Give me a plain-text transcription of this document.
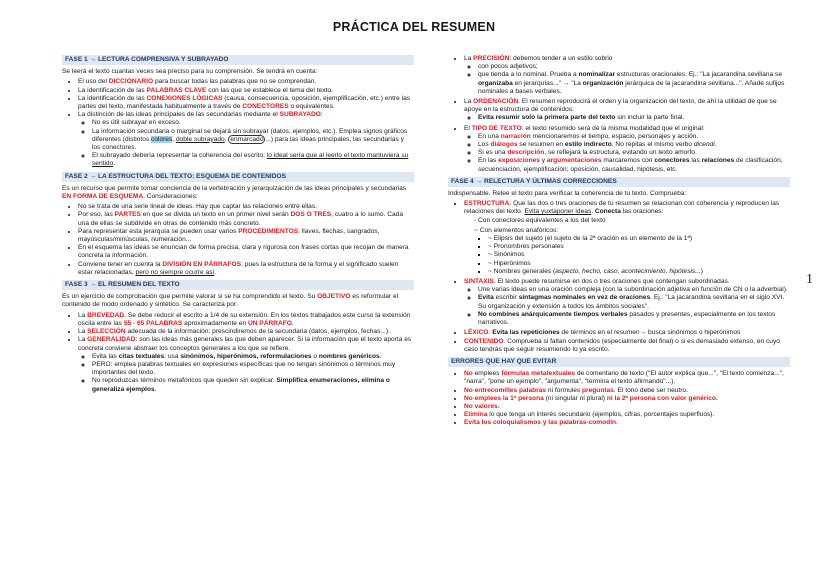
PRÁCTICA DEL RESUMEN
FASE 1 → LECTURA COMPRENSIVA Y SUBRAYADO

Se leerá el texto cuantas veces sea preciso para su comprensión. Se tendrá en cuenta:

• El uso del DICCIONARIO para buscar todas las palabras que no se comprendan.
• La identificación de las PALABRAS CLAVE con las que se establece el tema del texto.
• La identificación de las CONEXIONES LÓGICAS (causa, consecuencia, oposición, ejemplificación, etc.) entre las partes del texto, manifestada habitualmente a través de CONECTORES o equivalentes.
• La distinción de las ideas principales de las secundarias mediante el SUBRAYADO:
◦ No es útil subrayar en exceso.
◦ La información secundaria o marginal se dejará sin subrayar (datos, ejemplos, etc.). Emplea signos gráficos diferentes (distintos colores, doble subrayado, enmarcado ...) para las ideas principales, las secundarias y los conectores.
◦ El subrayado debería representar la coherencia del escrito: lo ideal sería que al leerlo el texto mantuviera su sentido.
FASE 2 → LA ESTRUCTURA DEL TEXTO: ESQUEMA DE CONTENIDOS

Es un recurso que permite tomar conciencia de la vertebración y jerarquización de las ideas principales y secundarias EN FORMA DE ESQUEMA. Consideraciones:

• No se trata de una serie lineal de ideas. Hay que captar las relaciones entre ellas.
• Por eso, las PARTES en que se divida un texto en un primer nivel serán DOS O TRES, cuatro a lo sumo. Cada una de ellas se subdivide en otras de contenido más concreto.
• Para representar esta jerarquía se pueden usar varios PROCEDIMIENTOS: llaves, flechas, sangrados, mayúsculas/minúsculas, numeración...
• En el esquema las ideas se enuncian de forma precisa, clara y rigurosa con frases cortas que recojan de manera concreta la información.
• Conviene tener en cuenta la DIVISIÓN EN PÁRRAFOS, pues la estructura de la forma y el significado suelen estar relacionadas, pero no siempre ocurre así.
FASE 3 → EL RESUMEN DEL TEXTO

Es un ejercicio de comprobación que permite valorar si se ha comprendido el texto. Su OBJETIVO es reformular el contenido de modo ordenado y sintético. Se caracteriza por:

• La BREVEDAD. Se debe reducir el escrito a 1/4 de su extensión. En los textos trabajados este curso la extensión oscila entre las 55 - 65 PALABRAS aproximadamente en UN PÁRRAFO.
• La SELECCIÓN adecuada de la información: prescindiremos de la secundaria (datos, ejemplos, fechas...).
• La GENERALIDAD: son las ideas más generales las que deben aparecer. Si la información que el texto aporta es concreta conviene abstraer los conceptos generales a los que se refiere.
◦ Evita las citas textuales: usa sinónimos, hiperónimos, reformulaciones o nombres genéricos.
◦ PERO: emplea palabras textuales en expresiones específicas que no tengan sinónimos o términos muy importantes del texto.
◦ No reproduzcas términos metafóricos que queden sin explicar. Simplifica enumeraciones, elimina o generaliza ejemplos.
• La PRECISIÓN: debemos tender a un estilo sobrio
◦ con pocos adjetivos;
◦ que tienda a lo nominal. Prueba a nominalizar estructuras oracionales. Ej.: "La jacarandina sevillana se organizaba en jerarquías..." → "La organización jerárquica de la jacarandina sevillana...". Añade sufijos nominales a bases verbales.
• La ORDENACIÓN. El resumen reproducirá el orden y la organización del texto, de ahí la utilidad de que se apoye en la estructura de contenidos:
◦ Evita resumir solo la primera parte del texto sin incluir la parte final.
• El TIPO DE TEXTO: el texto resumido será de la misma modalidad que el original:
◦ En una narración mencionaremos el tiempo, espacio, personajes y acción.
◦ Los diálogos se resumen en estilo indirecto. No repitas el mismo verbo dicendi.
◦ Si es una descripción, se reflejará la estructura, evitando un texto amorfo.
◦ En las exposiciones y argumentaciones marcaremos con conectores las relaciones de clasificación, secuenciación, ejemplificación; oposición, causalidad, hipótesis, etc.
FASE 4 → RELECTURA Y ÚLTIMAS CORRECCIONES

Indispensable. Relee el texto para verificar la coherencia de tu texto. Comprueba:

• ESTRUCTURA. Que las dos o tres oraciones de tu resumen se relacionan con coherencia y reproducen las relaciones del texto. Evita yuxtaponer ideas. Conecta las oraciones:
- Con conectores equivalentes a los del texto
~ Con elementos anafóricos:
~ ▪ Elipsis del sujeto (el sujeto de la 2ª oración es un elemento de la 1ª)
~ ▪ Pronombres personales
~ ▪ Sinónimos
~ ▪ Hiperónimos
~ ▪ Nombres generales (aspecto, hecho, caso, acontecimiento, hipótesis...)
• SINTAXIS. El texto puede resumirse en dos o tres oraciones que contengan subordinadas.
◦ Une varias ideas en una oración compleja (con la subordinación adjetiva en función de CN o la adverbial).
◦ Evita escribir sintagmas nominales en vez de oraciones. Ej.: "La jacarandina sevillana en el siglo XVI. Su organización y extensión a todos los ámbitos sociales".
◦ No combines anárquicamente tiempos verbales pasados y presentes, especialmente en los textos narrativos.
• LÉXICO. Evita las repeticiones de términos en el resumen→ busca sinónimos o hiperónimos
• CONTENIDO. Comprueba si faltan contenidos (especialmente del final) o si es demasiado extenso, en cuyo caso tendrás que seguir resumiendo lo ya escrito.
ERRORES QUE HAY QUE EVITAR
• No emplees fórmulas metatextuales de comentario de texto ("El autor explica que...", "El texto comienza...", "narra", "pone un ejemplo", "argumenta", "termina el texto afirmando"...).
• No entrecomilles palabras ni formules preguntas. El tono debe ser neutro.
• No emplees la 1ª persona (ni singular ni plural) ni la 2ª persona con valor genérico.
• No valores.
• Elimina lo que tenga un interés secundario (ejemplos, cifras, porcentajes superfluos).
• Evita los coloquialismos y las palabras-comodín.
1
